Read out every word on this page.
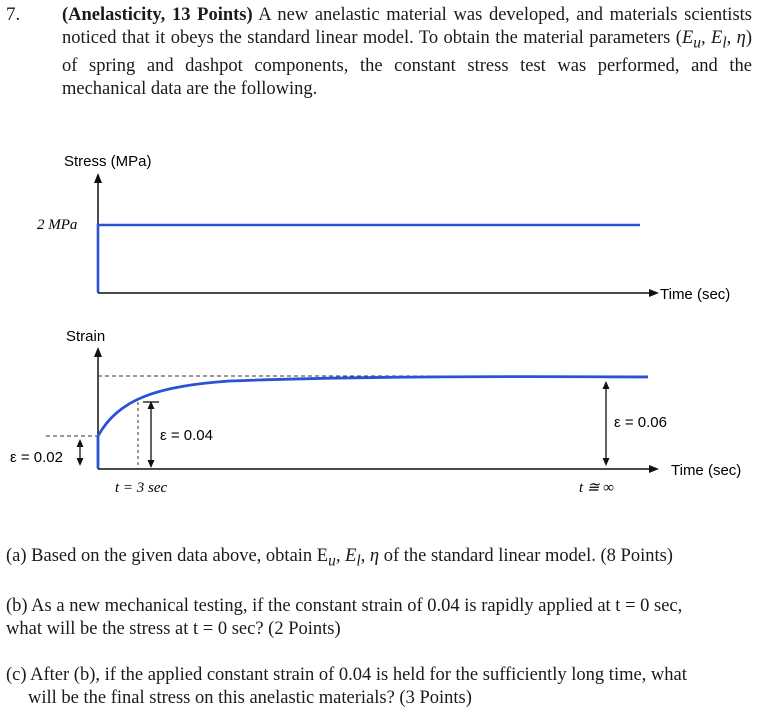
7. (Anelasticity, 13 Points) A new anelastic material was developed, and materials scientists noticed that it obeys the standard linear model. To obtain the material parameters ($E_u$, $E_l$, η) of spring and dashpot components, the constant stress test was performed, and the mechanical data are the following.
Stress (MPa)
Time (sec)
2 MPa
Strain
Time (sec)
ε = 0.02
ε = 0.04
ε = 0.06
t = 3 sec	t ≅ ∞
(a) Based on the given data above, obtain $E_u$, $E_l$, η of the standard linear model. (8 Points)
(b) As a new mechanical testing, if the constant strain of 0.04 is rapidly applied at t = 0 sec,
what will be the stress at t = 0 sec? (2 Points)
(c) After (b), if the applied constant strain of 0.04 is held for the sufficiently long time, what
will be the final stress on this anelastic materials? (3 Points)
